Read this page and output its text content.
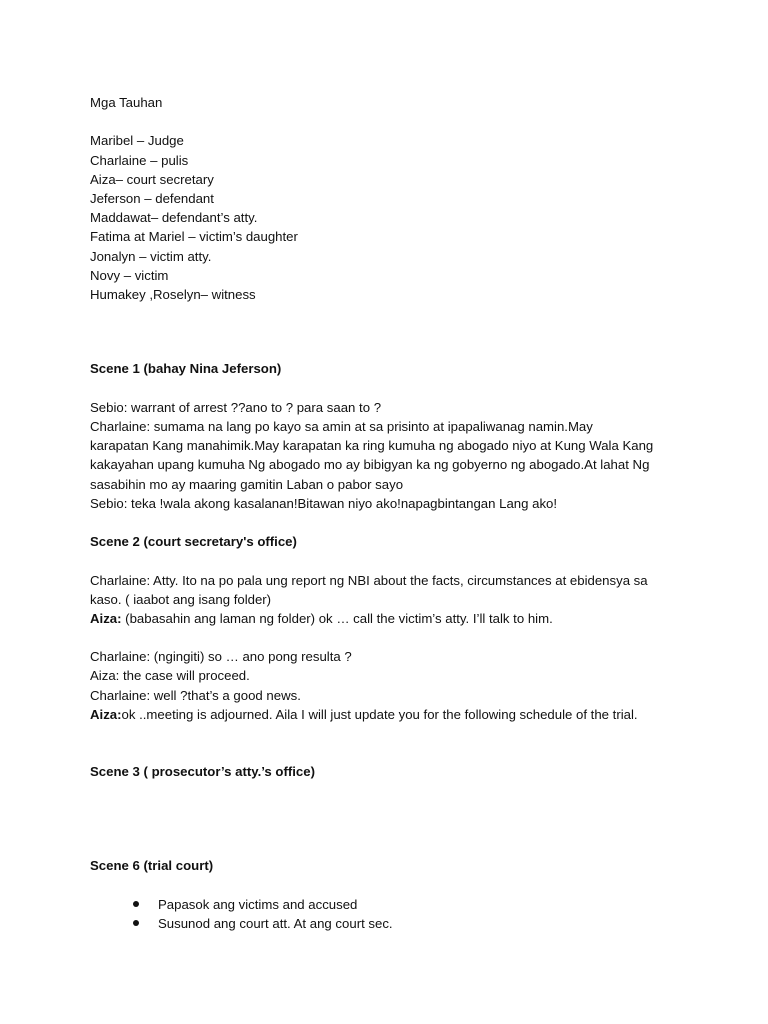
Mga Tauhan
Maribel – Judge
Charlaine – pulis
Aiza– court secretary
Jeferson – defendant
Maddawat– defendant’s atty.
Fatima at Mariel – victim’s daughter
Jonalyn – victim atty.
Novy – victim
Humakey ,Roselyn– witness
Scene 1 (bahay Nina Jeferson)
Sebio: warrant of arrest ??ano to ? para saan to ?
Charlaine: sumama na lang po kayo sa amin at sa prisinto at ipapaliwanag namin.May
karapatan Kang manahimik.May karapatan ka ring kumuha ng abogado niyo at Kung Wala Kang
kakayahan upang kumuha Ng abogado mo ay bibigyan ka ng gobyerno ng abogado.At lahat Ng
sasabihin mo ay maaring gamitin Laban o pabor sayo
Sebio: teka !wala akong kasalanan!Bitawan niyo ako!napagbintangan Lang ako!
Scene 2 (court secretary's office)
Charlaine: Atty. Ito na po pala ung report ng NBI about the facts, circumstances at ebidensya sa
kaso. ( iaabot ang isang folder)
Aiza: (babasahin ang laman ng folder) ok … call the victim’s atty. I’ll talk to him.
Charlaine: (ngingiti) so … ano pong resulta ?
Aiza: the case will proceed.
Charlaine: well ?that’s a good news.
Aiza:ok ..meeting is adjourned. Aila I will just update you for the following schedule of the trial.
Scene 3 ( prosecutor’s atty.’s office)
Scene 6 (trial court)
Papasok ang victims and accused
Susunod ang court att. At ang court sec.
